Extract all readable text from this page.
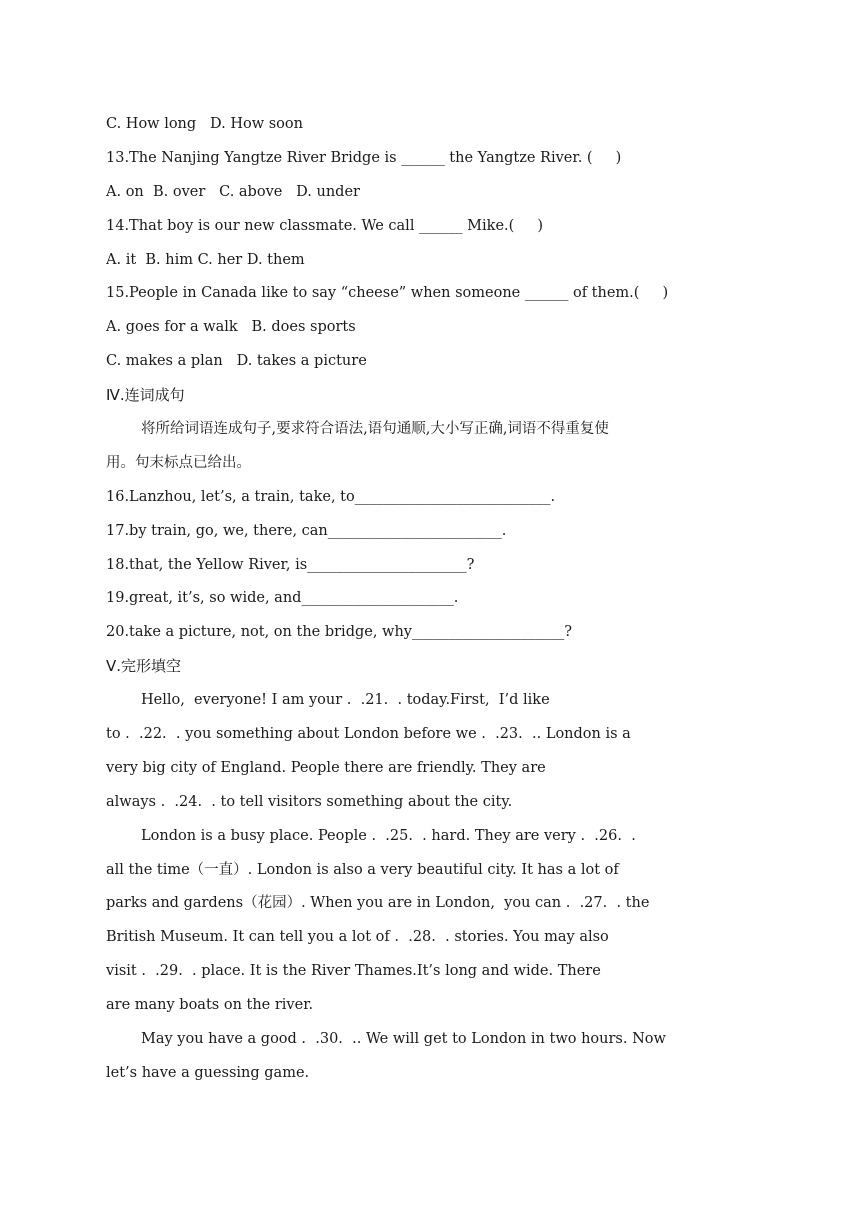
C. How long   D. How soon
13.The Nanjing Yangtze River Bridge is ______ the Yangtze River. (     )
A. on  B. over   C. above   D. under
14.That boy is our new classmate. We call ______ Mike.(     )
A. it  B. him C. her D. them
15.People in Canada like to say “cheese” when someone ______ of them.(     )
A. goes for a walk   B. does sports
C. makes a plan   D. takes a picture
Ⅳ.连词成句
将所给词语连成句子,要求符合语法,语句通顺,大小写正确,词语不得重复使
用。句末标点已给出。
16.Lanzhou, let’s, a train, take, to___________________________.
17.by train, go, we, there, can________________________.
18.that, the Yellow River, is______________________?
19.great, it’s, so wide, and_____________________.
20.take a picture, not, on the bridge, why_____________________?
Ⅴ.完形填空
Hello,  everyone! I am your .  .21.  . today.First,  I’d like
to .  .22.  . you something about London before we .  .23.  .. London is a
very big city of England. People there are friendly. They are
always .  .24.  . to tell visitors something about the city.
London is a busy place. People .  .25.  . hard. They are very .  .26.  .
all the time（一直）. London is also a very beautiful city. It has a lot of
parks and gardens（花园）. When you are in London,  you can .  .27.  . the
British Museum. It can tell you a lot of .  .28.  . stories. You may also
visit .  .29.  . place. It is the River Thames.It’s long and wide. There
are many boats on the river.
May you have a good .  .30.  .. We will get to London in two hours. Now
let’s have a guessing game.
